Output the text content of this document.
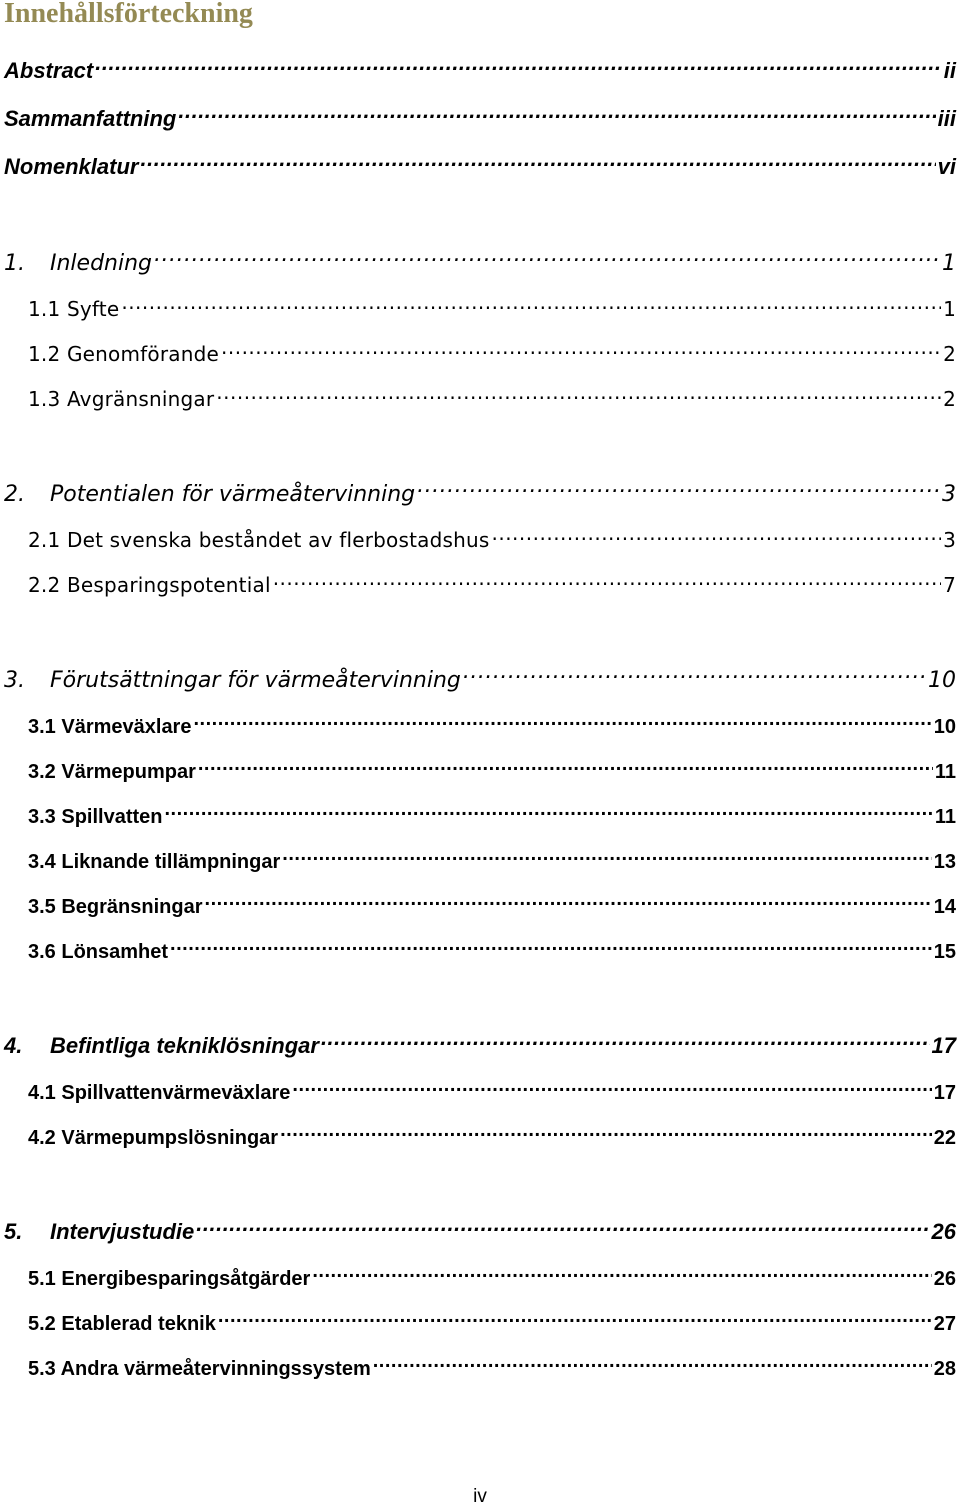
Innehållsförteckning
Abstract .....	ii
Sammanfattning .....	iii
Nomenklatur .....	vi
1. Inledning .....	1
1.1 Syfte .....	1
1.2 Genomförande .....	2
1.3 Avgränsningar .....	2
2. Potentialen för värmeåtervinning .....	3
2.1 Det svenska beståndet av flerbostadshus .....	3
2.2 Besparingspotential .....	7
3. Förutsättningar för värmeåtervinning .....	10
3.1 Värmeväxlare .....	10
3.2 Värmepumpar .....	11
3.3 Spillvatten .....	11
3.4 Liknande tillämpningar .....	13
3.5 Begränsningar .....	14
3.6 Lönsamhet .....	15
4. Befintliga tekniklösningar .....	17
4.1 Spillvattenvärmeväxlare .....	17
4.2 Värmepumpslösningar .....	22
5. Intervjustudie .....	26
5.1 Energibesparingsåtgärder .....	26
5.2 Etablerad teknik .....	27
5.3 Andra värmeåtervinningssystem .....	28
iv
